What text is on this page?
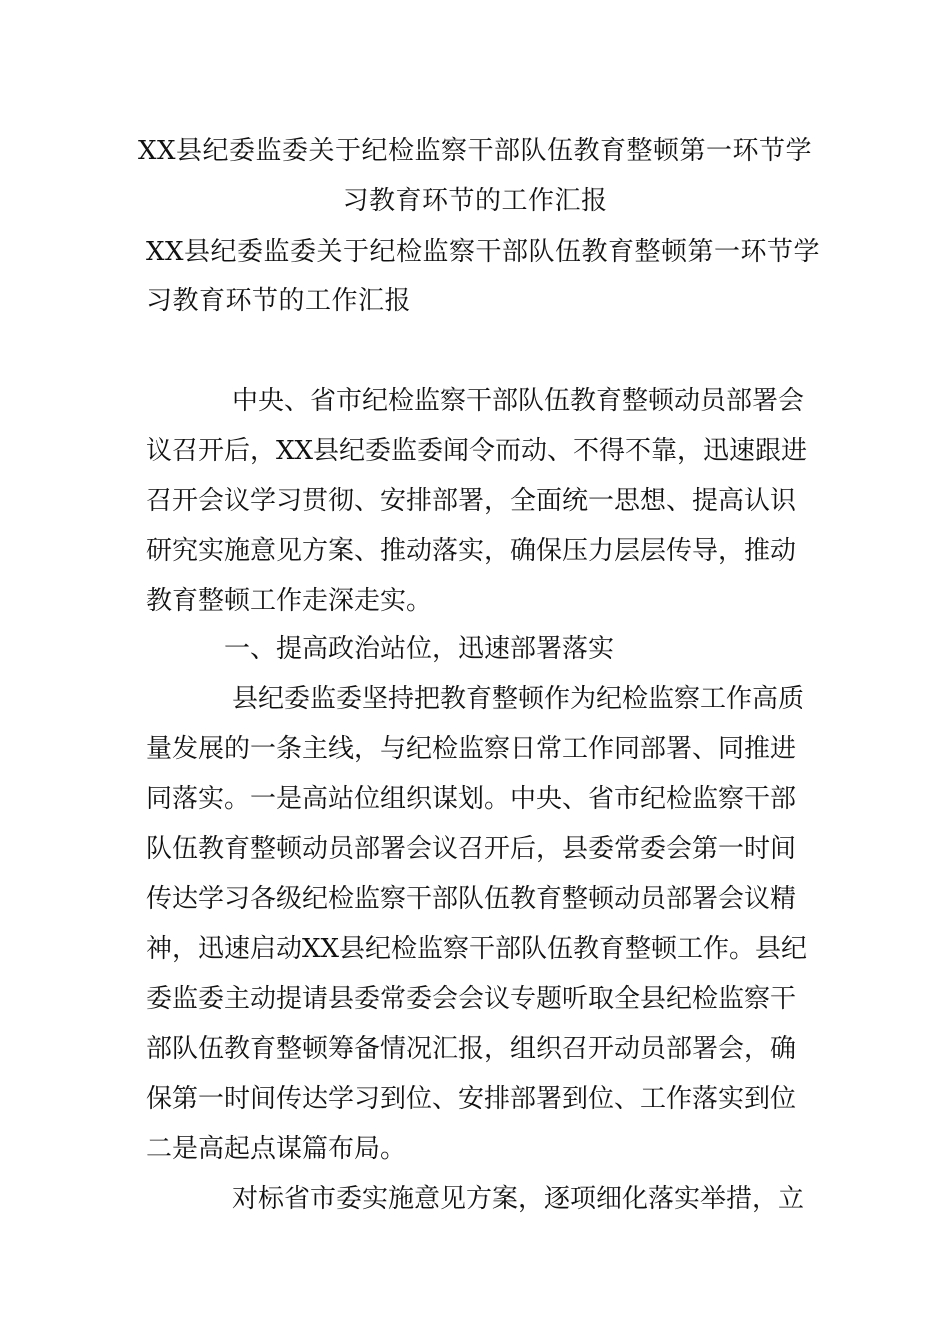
XX县纪委监委关于纪检监察干部队伍教育整顿第一环节学
习教育环节的工作汇报
XX县纪委监委关于纪检监察干部队伍教育整顿第一环节学
习教育环节的工作汇报
中央、省市纪检监察干部队伍教育整顿动员部署会
议召开后，XX县纪委监委闻令而动、不得不靠，迅速跟进
召开会议学习贯彻、安排部署，全面统一思想、提高认识
研究实施意见方案、推动落实，确保压力层层传导，推动
教育整顿工作走深走实。
一、提高政治站位，迅速部署落实
县纪委监委坚持把教育整顿作为纪检监察工作高质
量发展的一条主线，与纪检监察日常工作同部署、同推进
同落实。一是高站位组织谋划。中央、省市纪检监察干部
队伍教育整顿动员部署会议召开后，县委常委会第一时间
传达学习各级纪检监察干部队伍教育整顿动员部署会议精
神，迅速启动XX县纪检监察干部队伍教育整顿工作。县纪
委监委主动提请县委常委会会议专题听取全县纪检监察干
部队伍教育整顿筹备情况汇报，组织召开动员部署会，确
保第一时间传达学习到位、安排部署到位、工作落实到位
二是高起点谋篇布局。
对标省市委实施意见方案，逐项细化落实举措，立
